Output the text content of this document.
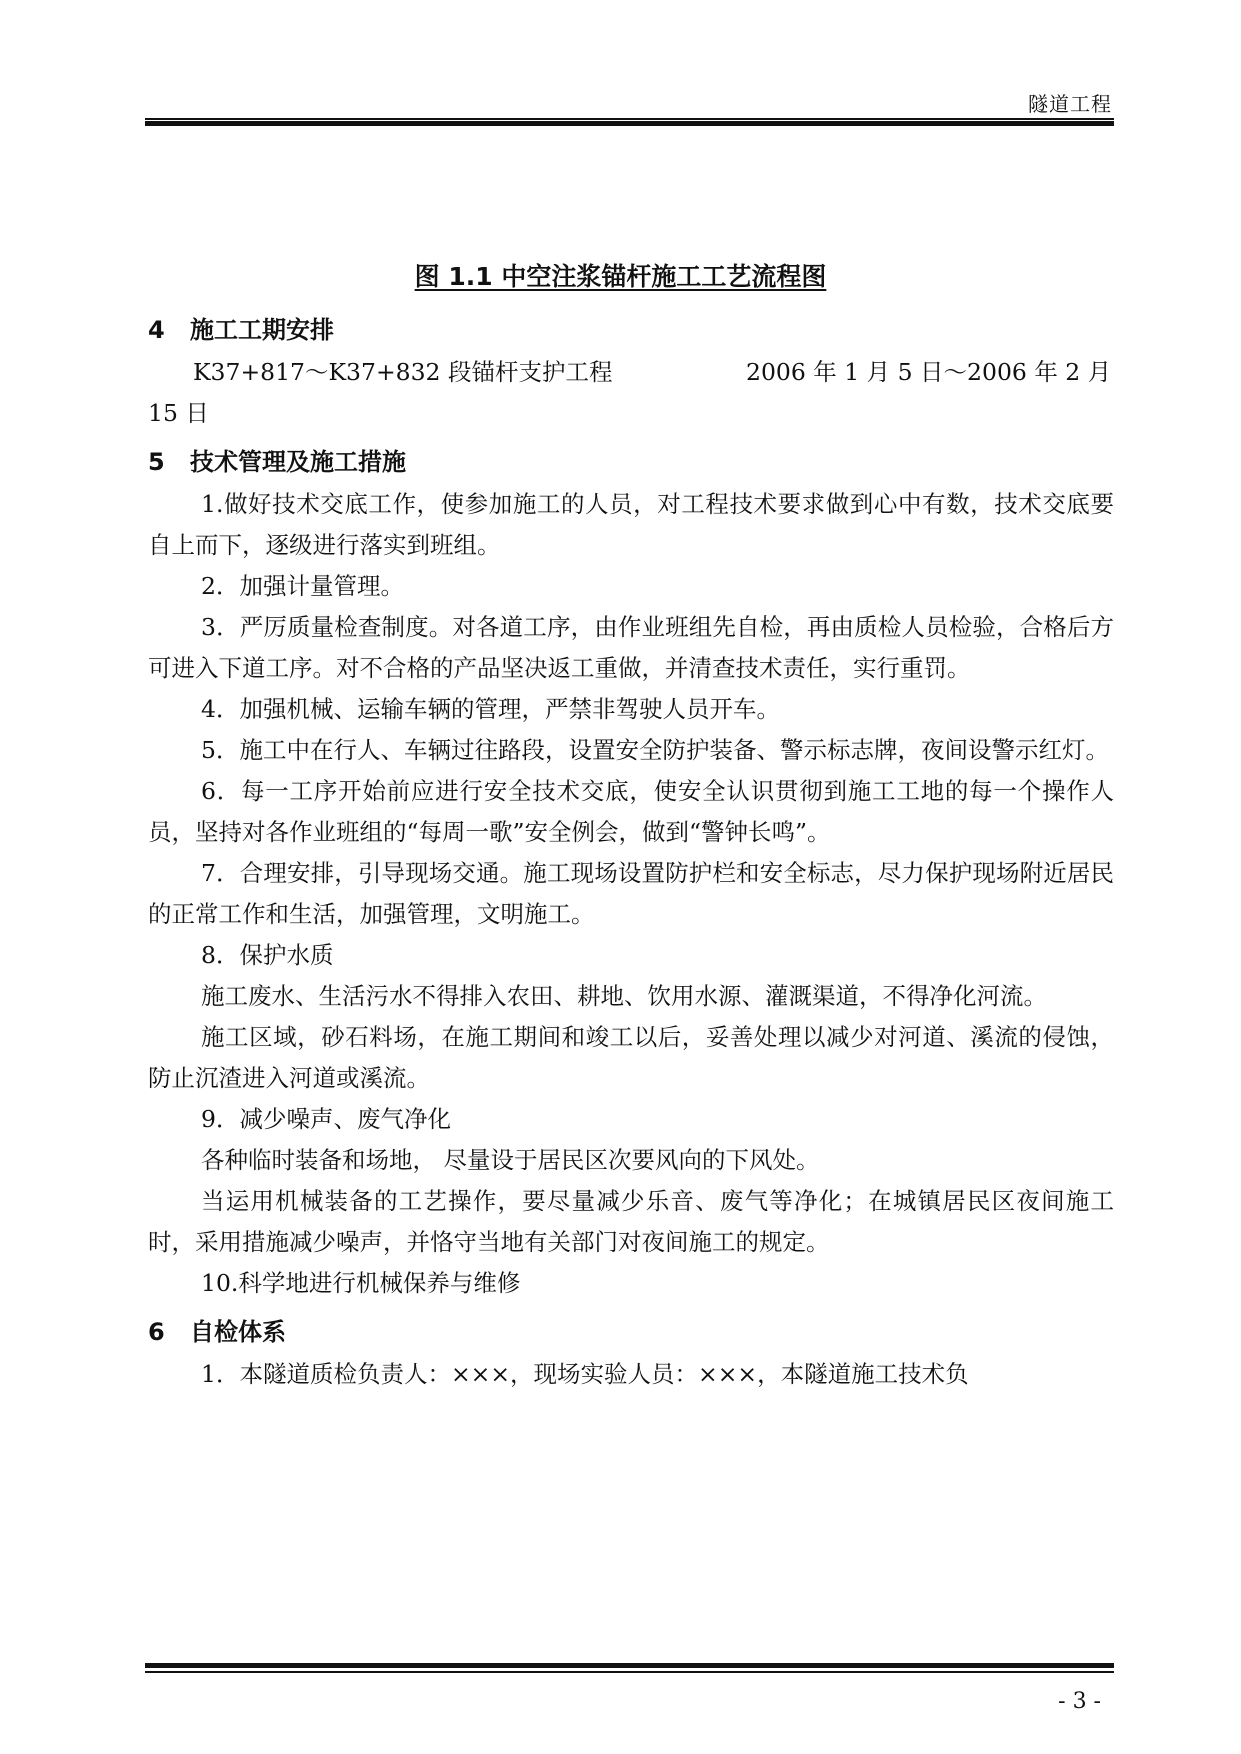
隧道工程
图 1.1 中空注浆锚杆施工工艺流程图
4 施工工期安排
K37+817～K37+832 段锚杆支护工程	2006 年 1 月 5 日～2006 年 2 月
15 日
5 技术管理及施工措施
1.做好技术交底工作，使参加施工的人员，对工程技术要求做到心中有数，技术交底要自上而下，逐级进行落实到班组。
2．加强计量管理。
3．严厉质量检查制度。对各道工序，由作业班组先自检，再由质检人员检验，合格后方可进入下道工序。对不合格的产品坚决返工重做，并清查技术责任，实行重罚。
4．加强机械、运输车辆的管理，严禁非驾驶人员开车。
5．施工中在行人、车辆过往路段，设置安全防护装备、警示标志牌，夜间设警示红灯。
6．每一工序开始前应进行安全技术交底，使安全认识贯彻到施工工地的每一个操作人员，坚持对各作业班组的“每周一歌”安全例会，做到“警钟长鸣”。
7．合理安排，引导现场交通。施工现场设置防护栏和安全标志，尽力保护现场附近居民的正常工作和生活，加强管理，文明施工。
8．保护水质
施工废水、生活污水不得排入农田、耕地、饮用水源、灌溉渠道，不得净化河流。
施工区域，砂石料场，在施工期间和竣工以后，妥善处理以减少对河道、溪流的侵蚀，防止沉渣进入河道或溪流。
9．减少噪声、废气净化
各种临时装备和场地， 尽量设于居民区次要风向的下风处。
当运用机械装备的工艺操作，要尽量减少乐音、废气等净化；在城镇居民区夜间施工时，采用措施减少噪声，并恪守当地有关部门对夜间施工的规定。
10.科学地进行机械保养与维修
6 自检体系
1．本隧道质检负责人：×××，现场实验人员：×××，本隧道施工技术负
- 3 -
